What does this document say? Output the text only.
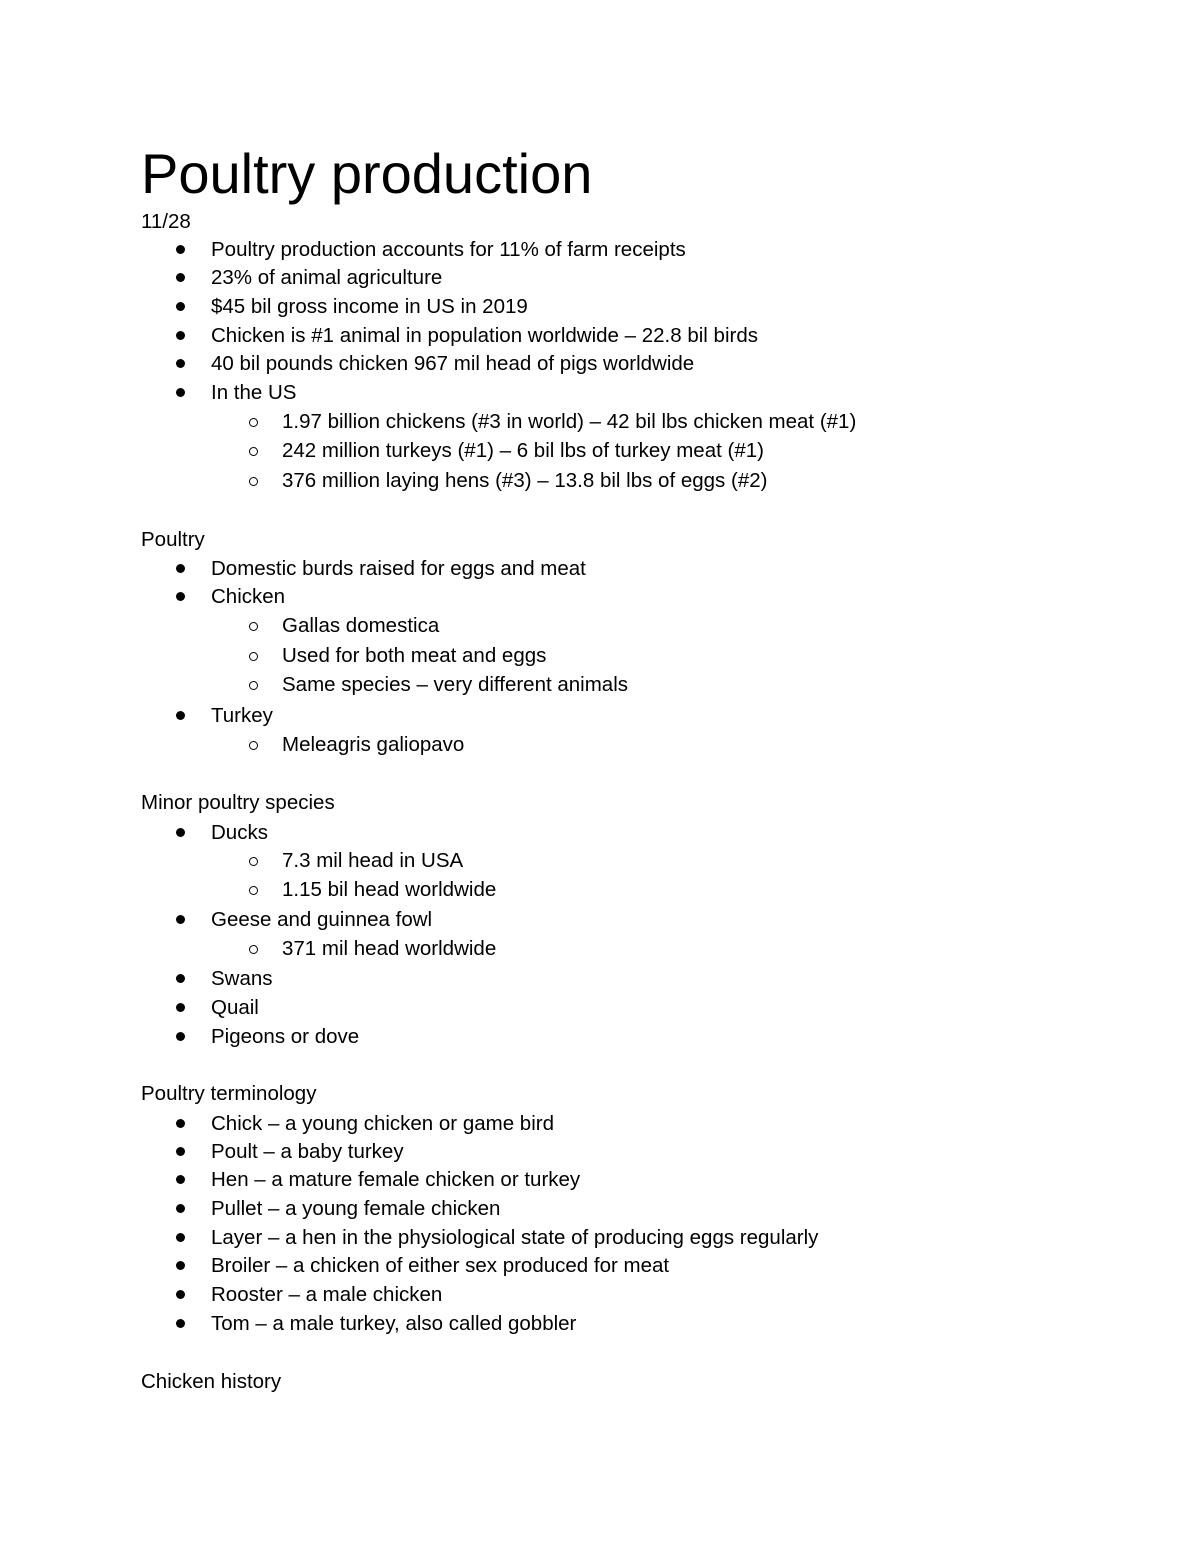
Poultry production
11/28
Poultry production accounts for 11% of farm receipts
23% of animal agriculture
$45 bil gross income in US in 2019
Chicken is #1 animal in population worldwide – 22.8 bil birds
40 bil pounds chicken 967 mil head of pigs worldwide
In the US
1.97 billion chickens (#3 in world) – 42 bil lbs chicken meat (#1)
242 million turkeys (#1) – 6 bil lbs of turkey meat (#1)
376 million laying hens (#3) – 13.8 bil lbs of eggs (#2)
Poultry
Domestic burds raised for eggs and meat
Chicken
Gallas domestica
Used for both meat and eggs
Same species – very different animals
Turkey
Meleagris galiopavo
Minor poultry species
Ducks
7.3 mil head in USA
1.15 bil head worldwide
Geese and guinnea fowl
371 mil head worldwide
Swans
Quail
Pigeons or dove
Poultry terminology
Chick – a young chicken or game bird
Poult – a baby turkey
Hen – a mature female chicken or turkey
Pullet – a young female chicken
Layer – a hen in the physiological state of producing eggs regularly
Broiler – a chicken of either sex produced for meat
Rooster – a male chicken
Tom – a male turkey, also called gobbler
Chicken history
